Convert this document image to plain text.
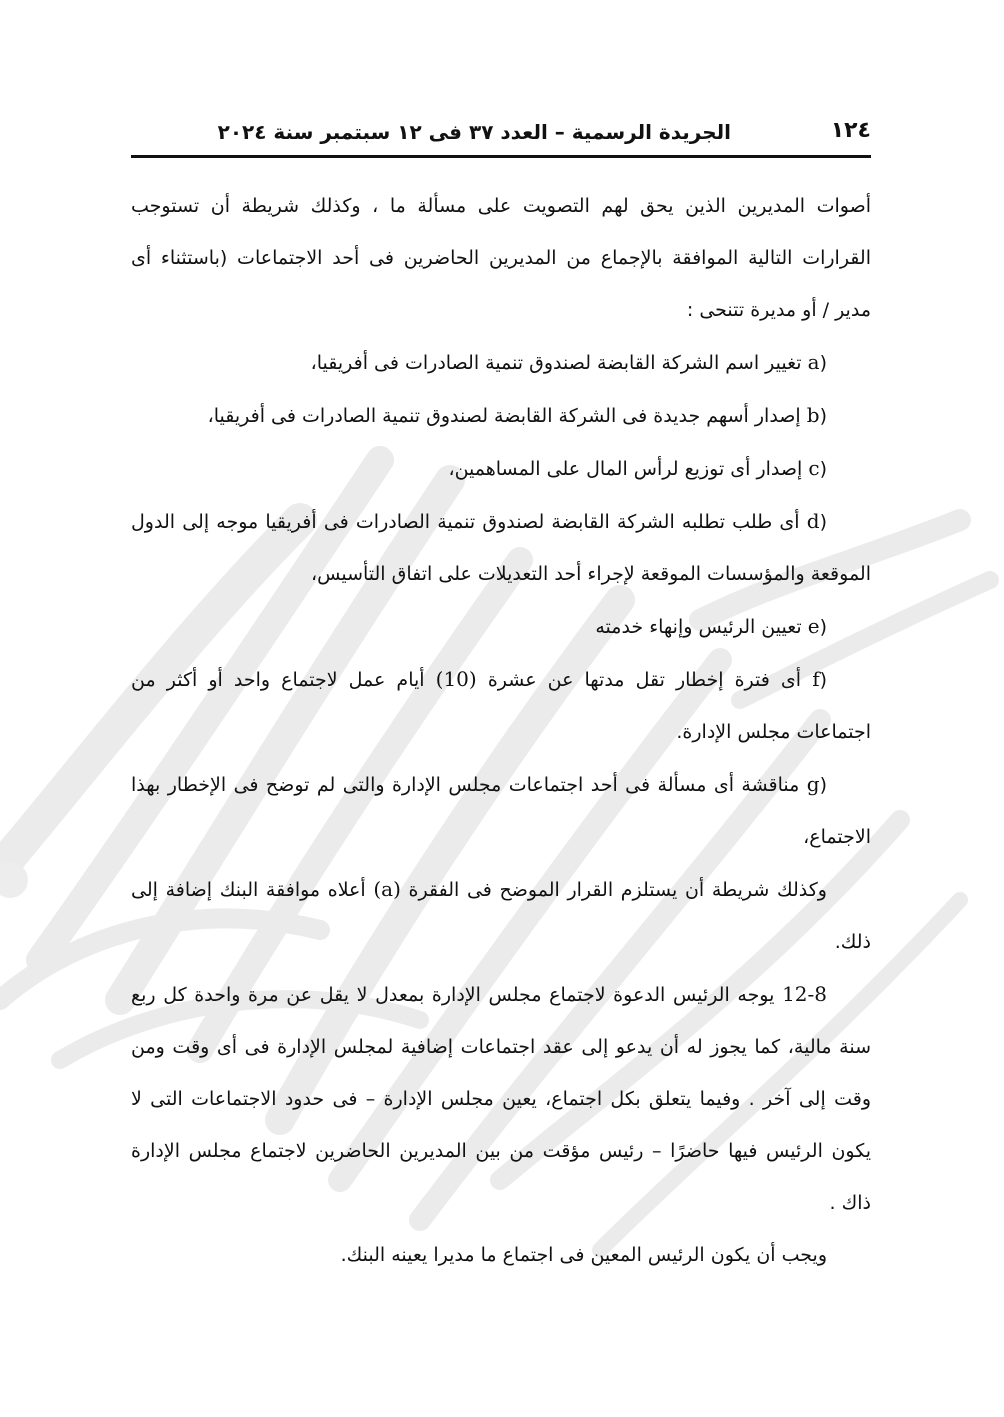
١٢٤
الجريدة الرسمية – العدد ٣٧ فى ١٢ سبتمبر سنة ٢٠٢٤

أصوات المديرين الذين يحق لهم التصويت على مسألة ما ، وكذلك شريطة أن تستوجب القرارات التالية الموافقة بالإجماع من المديرين الحاضرين فى أحد الاجتماعات (باستثناء أى مدير / أو مديرة تتنحى :

(a تغيير اسم الشركة القابضة لصندوق تنمية الصادرات فى أفريقيا،

(b إصدار أسهم جديدة فى الشركة القابضة لصندوق تنمية الصادرات فى أفريقيا،

(c إصدار أى توزيع لرأس المال على المساهمين،

(d أى طلب تطلبه الشركة القابضة لصندوق تنمية الصادرات فى أفريقيا موجه إلى الدول الموقعة والمؤسسات الموقعة لإجراء أحد التعديلات على اتفاق التأسيس،

(e تعيين الرئيس وإنهاء خدمته

(f أى فترة إخطار تقل مدتها عن عشرة (10) أيام عمل لاجتماع واحد أو أكثر من اجتماعات مجلس الإدارة.

(g مناقشة أى مسألة فى أحد اجتماعات مجلس الإدارة والتى لم توضح فى الإخطار بهذا الاجتماع،

وكذلك شريطة أن يستلزم القرار الموضح فى الفقرة (a) أعلاه موافقة البنك إضافة إلى ذلك.

12-8 يوجه الرئيس الدعوة لاجتماع مجلس الإدارة بمعدل لا يقل عن مرة واحدة كل ربع سنة مالية، كما يجوز له أن يدعو إلى عقد اجتماعات إضافية لمجلس الإدارة فى أى وقت ومن وقت إلى آخر . وفيما يتعلق بكل اجتماع، يعين مجلس الإدارة – فى حدود الاجتماعات التى لا يكون الرئيس فيها حاضرًا – رئيس مؤقت من بين المديرين الحاضرين لاجتماع مجلس الإدارة ذاك .

ويجب أن يكون الرئيس المعين فى اجتماع ما مديرا يعينه البنك.
